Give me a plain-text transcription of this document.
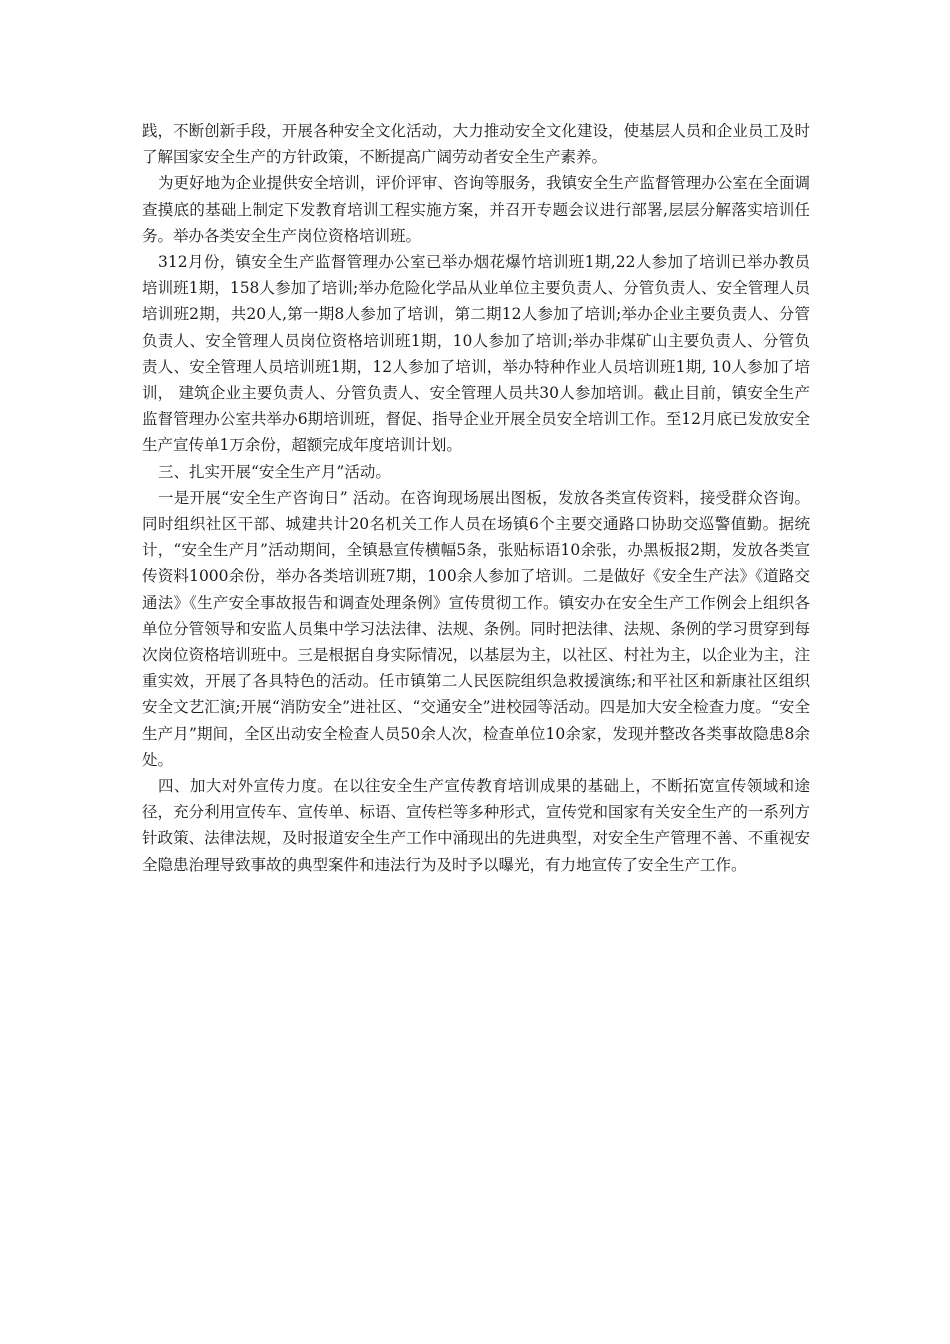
践，不断创新手段，开展各种安全文化活动，大力推动安全文化建设，使基层人员和企业员工及时了解国家安全生产的方针政策，不断提高广阔劳动者安全生产素养。

为更好地为企业提供安全培训，评价评审、咨询等服务，我镇安全生产监督管理办公室在全面调查摸底的基础上制定下发教育培训工程实施方案，并召开专题会议进行部署,层层分解落实培训任务。举办各类安全生产岗位资格培训班。

312月份，镇安全生产监督管理办公室已举办烟花爆竹培训班1期,22人参加了培训已举办教员培训班1期，158人参加了培训;举办危险化学品从业单位主要负责人、分管负责人、安全管理人员培训班2期，共20人,第一期8人参加了培训，第二期12人参加了培训;举办企业主要负责人、分管负责人、安全管理人员岗位资格培训班1期，10人参加了培训;举办非煤矿山主要负责人、分管负责人、安全管理人员培训班1期，12人参加了培训，举办特种作业人员培训班1期, 10人参加了培训， 建筑企业主要负责人、分管负责人、安全管理人员共30人参加培训。截止目前，镇安全生产监督管理办公室共举办6期培训班，督促、指导企业开展全员安全培训工作。至12月底已发放安全生产宣传单1万余份，超额完成年度培训计划。

三、扎实开展“安全生产月”活动。

一是开展“安全生产咨询日” 活动。在咨询现场展出图板，发放各类宣传资料，接受群众咨询。同时组织社区干部、城建共计20名机关工作人员在场镇6个主要交通路口协助交巡警值勤。据统计，“安全生产月”活动期间，全镇悬宣传横幅5条，张贴标语10余张，办黑板报2期，发放各类宣传资料1000余份，举办各类培训班7期，100余人参加了培训。二是做好《安全生产法》《道路交通法》《生产安全事故报告和调查处理条例》宣传贯彻工作。镇安办在安全生产工作例会上组织各单位分管领导和安监人员集中学习法法律、法规、条例。同时把法律、法规、条例的学习贯穿到每次岗位资格培训班中。三是根据自身实际情况，以基层为主，以社区、村社为主，以企业为主，注重实效，开展了各具特色的活动。任市镇第二人民医院组织急救援演练;和平社区和新康社区组织安全文艺汇演;开展“消防安全”进社区、“交通安全”进校园等活动。四是加大安全检查力度。“安全生产月”期间，全区出动安全检查人员50余人次，检查单位10余家，发现并整改各类事故隐患8余处。

四、加大对外宣传力度。在以往安全生产宣传教育培训成果的基础上，不断拓宽宣传领域和途径，充分利用宣传车、宣传单、标语、宣传栏等多种形式，宣传党和国家有关安全生产的一系列方针政策、法律法规，及时报道安全生产工作中涌现出的先进典型，对安全生产管理不善、不重视安全隐患治理导致事故的典型案件和违法行为及时予以曝光，有力地宣传了安全生产工作。
